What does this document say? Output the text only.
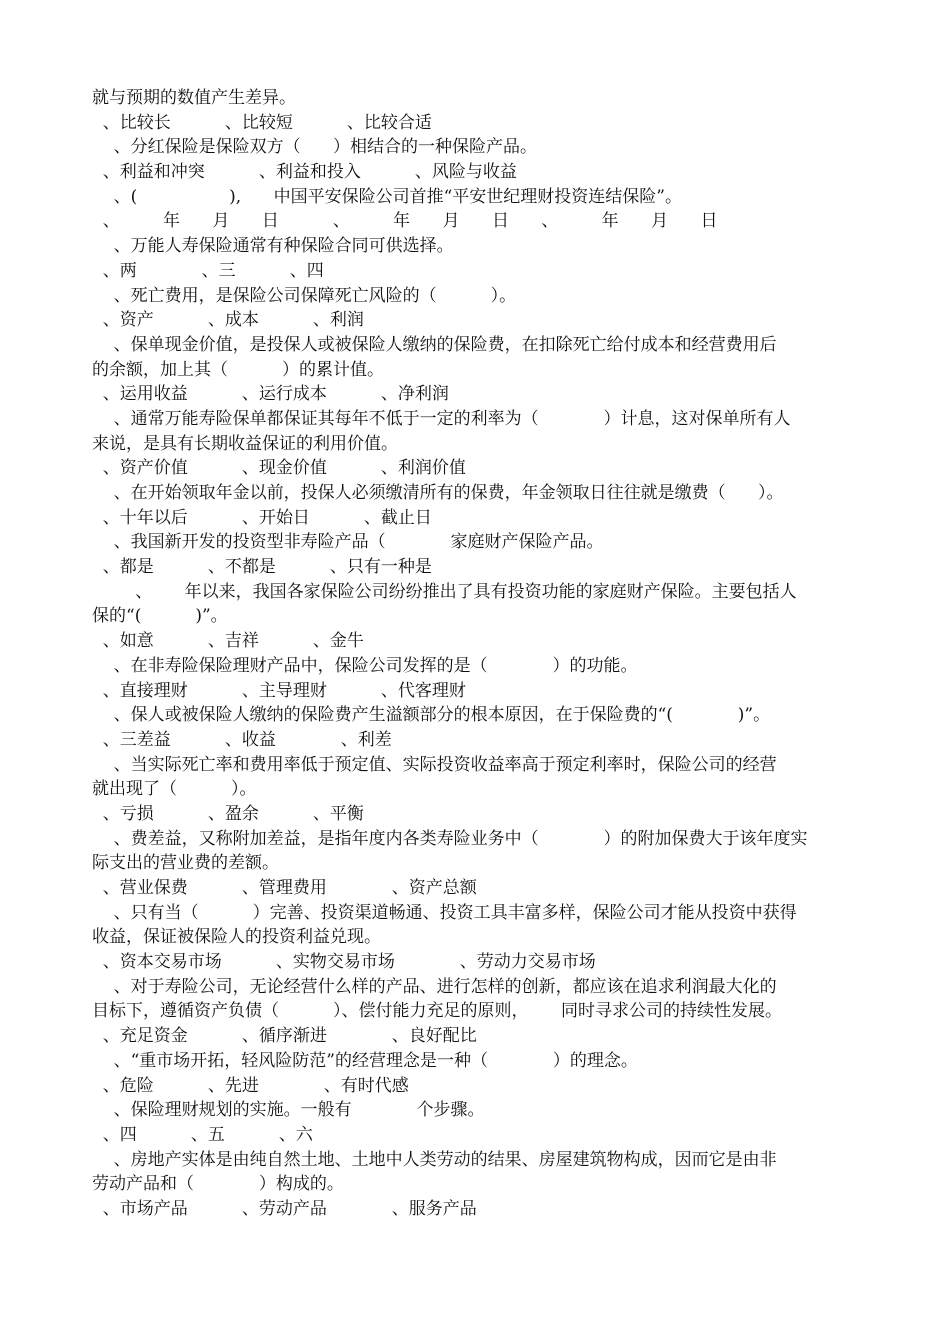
就与预期的数值产生差异。
、比较长          、比较短          、比较合适
、分红保险是保险双方（      ）相结合的一种保险产品。
、利益和冲突          、利益和投入          、风险与收益
、(                 ),      中国平安保险公司首推“平安世纪理财投资连结保险”。
、        年      月      日          、        年      月      日      、        年      月      日
、万能人寿保险通常有种保险合同可供选择。
、两            、三          、四
、死亡费用，是保险公司保障死亡风险的（          ）。
、资产          、成本          、利润
、保单现金价值，是投保人或被保险人缴纳的保险费，在扣除死亡给付成本和经营费用后
的余额，加上其（          ）的累计值。
、运用收益          、运行成本          、净利润
、通常万能寿险保单都保证其每年不低于一定的利率为（            ）计息，这对保单所有人
来说，是具有长期收益保证的利用价值。
、资产价值          、现金价值          、利润价值
、在开始领取年金以前，投保人必须缴清所有的保费，年金领取日往往就是缴费（      ）。
、十年以后          、开始日          、截止日
、我国新开发的投资型非寿险产品（            家庭财产保险产品。
、都是          、不都是          、只有一种是
、      年以来，我国各家保险公司纷纷推出了具有投资功能的家庭财产保险。主要包括人
保的“(          )”。
、如意          、吉祥          、金牛
、在非寿险保险理财产品中，保险公司发挥的是（            ）的功能。
、直接理财          、主导理财          、代客理财
、保人或被保险人缴纳的保险费产生溢额部分的根本原因，在于保险费的“(            )”。
、三差益          、收益            、利差
、当实际死亡率和费用率低于预定值、实际投资收益率高于预定利率时，保险公司的经营
就出现了（          ）。
、亏损          、盈余          、平衡
、费差益，又称附加差益，是指年度内各类寿险业务中（            ）的附加保费大于该年度实
际支出的营业费的差额。
、营业保费          、管理费用            、资产总额
、只有当（          ）完善、投资渠道畅通、投资工具丰富多样，保险公司才能从投资中获得
收益，保证被保险人的投资利益兑现。
、资本交易市场          、实物交易市场            、劳动力交易市场
、对于寿险公司，无论经营什么样的产品、进行怎样的创新，都应该在追求利润最大化的
目标下，遵循资产负债（          ）、偿付能力充足的原则，      同时寻求公司的持续性发展。
、充足资金          、循序渐进            、良好配比
、“重市场开拓，轻风险防范”的经营理念是一种（            ）的理念。
、危险          、先进            、有时代感
、保险理财规划的实施。一般有            个步骤。
、四          、五          、六
、房地产实体是由纯自然土地、土地中人类劳动的结果、房屋建筑物构成，因而它是由非
劳动产品和（            ）构成的。
、市场产品          、劳动产品            、服务产品
